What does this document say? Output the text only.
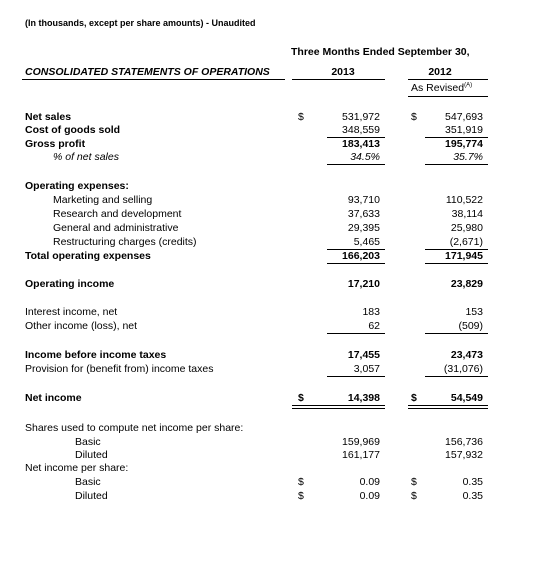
(In thousands, except per share amounts) - Unaudited
Three Months Ended September 30,
CONSOLIDATED STATEMENTS OF OPERATIONS	2013	2012
As Revised$^{(A)}$
Net sales	$	531,972	$	547,693
Cost of goods sold	348,559	351,919
Gross profit	183,413	195,774
% of net sales	34.5%	35.7%
Operating expenses:
Marketing and selling	93,710	110,522
Research and development	37,633	38,114
General and administrative	29,395	25,980
Restructuring charges (credits)	5,465	(2,671)
Total operating expenses	166,203	171,945
Operating income	17,210	23,829
Interest income, net	183	153
Other income (loss), net	62	(509)
Income before income taxes	17,455	23,473
Provision for (benefit from) income taxes	3,057	(31,076)
Net income	$	14,398	$	54,549
Shares used to compute net income per share:
Basic	159,969	156,736
Diluted	161,177	157,932
Net income per share:
Basic	$	0.09	$	0.35
Diluted	$	0.09	$	0.35
